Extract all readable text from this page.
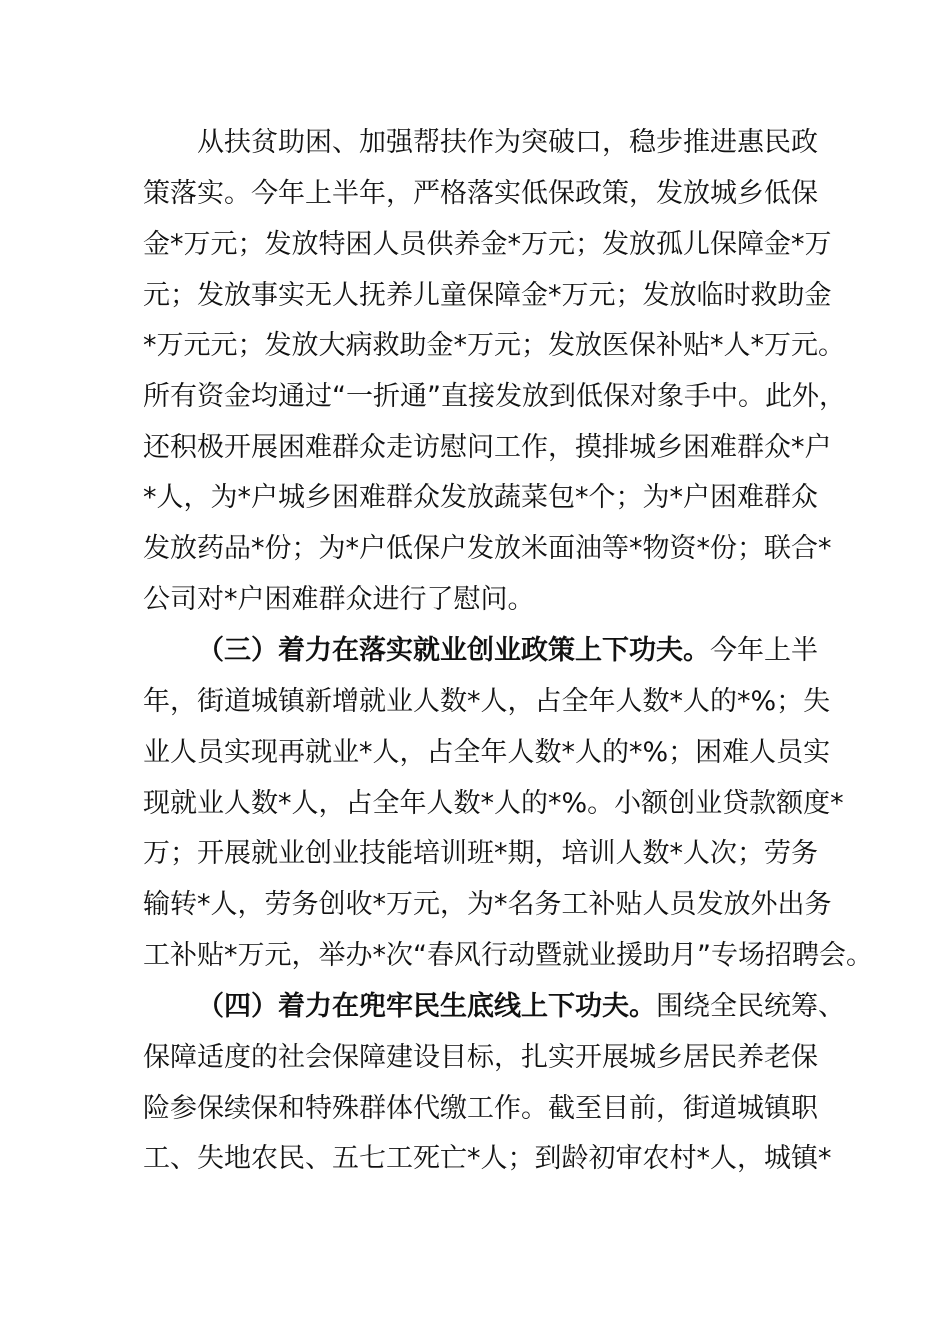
从扶贫助困、加强帮扶作为突破口，稳步推进惠民政
策落实。今年上半年，严格落实低保政策，发放城乡低保
金*万元；发放特困人员供养金*万元；发放孤儿保障金*万
元；发放事实无人抚养儿童保障金*万元；发放临时救助金
*万元元；发放大病救助金*万元；发放医保补贴*人*万元。
所有资金均通过“一折通”直接发放到低保对象手中。此外，
还积极开展困难群众走访慰问工作，摸排城乡困难群众*户
*人，为*户城乡困难群众发放蔬菜包*个；为*户困难群众
发放药品*份；为*户低保户发放米面油等*物资*份；联合*
公司对*户困难群众进行了慰问。
（三）着力在落实就业创业政策上下功夫。今年上半
年，街道城镇新增就业人数*人，占全年人数*人的*%；失
业人员实现再就业*人，占全年人数*人的*%；困难人员实
现就业人数*人，占全年人数*人的*%。小额创业贷款额度*
万；开展就业创业技能培训班*期，培训人数*人次；劳务
输转*人，劳务创收*万元，为*名务工补贴人员发放外出务
工补贴*万元，举办*次“春风行动暨就业援助月”专场招聘会。
（四）着力在兜牢民生底线上下功夫。围绕全民统筹、
保障适度的社会保障建设目标，扎实开展城乡居民养老保
险参保续保和特殊群体代缴工作。截至目前，街道城镇职
工、失地农民、五七工死亡*人；到龄初审农村*人，城镇*
